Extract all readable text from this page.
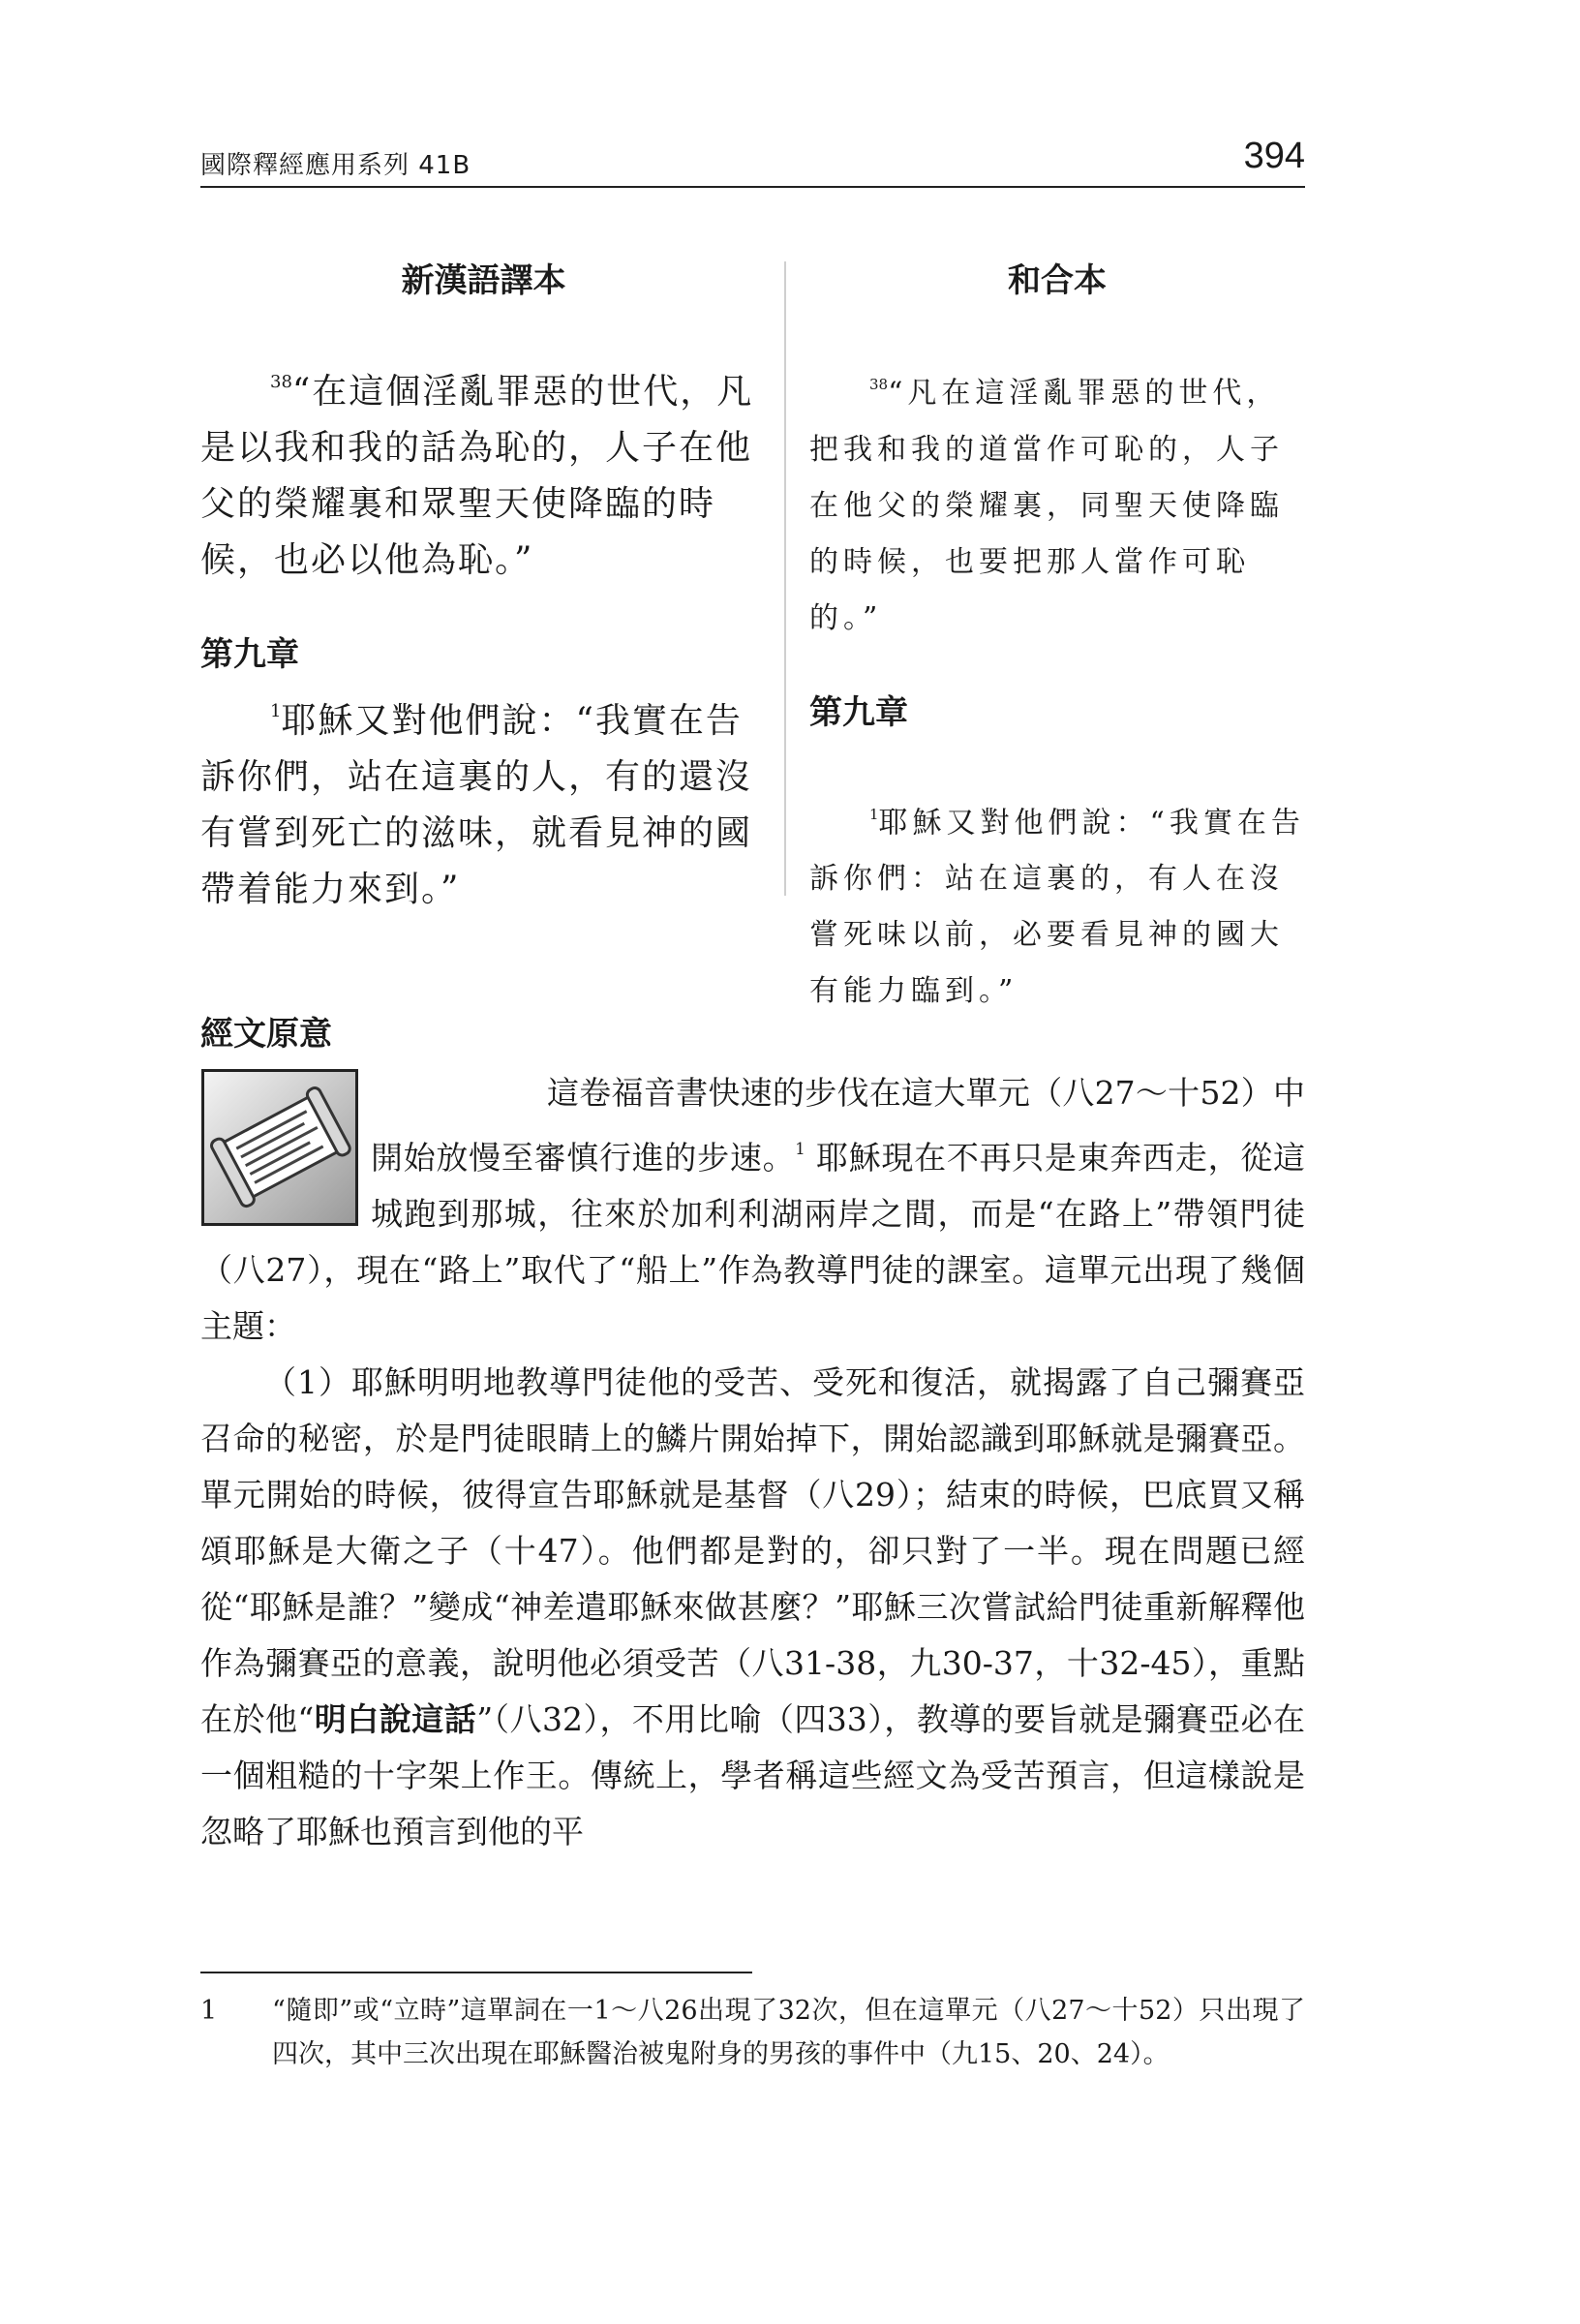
國際釋經應用系列 41B	394
新漢語譯本

$^{38}$“在這個淫亂罪惡的世代，凡是以我和我的話為恥的，人子在他父的榮耀裏和眾聖天使降臨的時候，也必以他為恥。”

第九章

$^1$耶穌又對他們說：“我實在告訴你們，站在這裏的人，有的還沒有嘗到死亡的滋味，就看見神的國帶着能力來到。”

和合本

$^{38}$“凡在這淫亂罪惡的世代，把我和我的道當作可恥的，人子在他父的榮耀裏，同聖天使降臨的時候，也要把那人當作可恥的。”

第九章

$^1$耶穌又對他們說：“我實在告訴你們：站在這裏的，有人在沒嘗死味以前，必要看見神的國大有能力臨到。”

經文原意

這卷福音書快速的步伐在這大單元（八27～十52）中開始放慢至審慎行進的步速。$^1$ 耶穌現在不再只是東奔西走，從這城跑到那城，往來於加利利湖兩岸之間，而是“在路上”帶領門徒（八27），現在“路上”取代了“船上”作為教導門徒的課室。這單元出現了幾個主題：

（1）耶穌明明地教導門徒他的受苦、受死和復活，就揭露了自己彌賽亞召命的秘密，於是門徒眼睛上的鱗片開始掉下，開始認識到耶穌就是彌賽亞。單元開始的時候，彼得宣告耶穌就是基督（八29）；結束的時候，巴底買又稱頌耶穌是大衛之子（十47）。他們都是對的，卻只對了一半。現在問題已經從“耶穌是誰？”變成“神差遣耶穌來做甚麼？”耶穌三次嘗試給門徒重新解釋他作為彌賽亞的意義，說明他必須受苦（八31-38，九30-37，十32-45），重點在於他“明白說這話”（八32），不用比喻（四33），教導的要旨就是彌賽亞必在一個粗糙的十字架上作王。傳統上，學者稱這些經文為受苦預言，但這樣說是忽略了耶穌也預言到他的平

1 “隨即”或“立時”這單詞在一1～八26出現了32次，但在這單元（八27～十52）只出現了四次，其中三次出現在耶穌醫治被鬼附身的男孩的事件中（九15、20、24）。
